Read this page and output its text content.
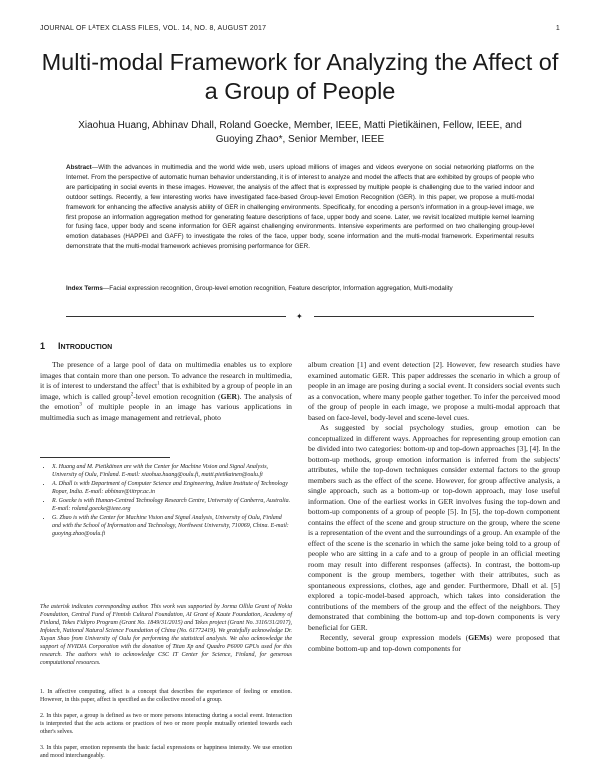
JOURNAL OF LᴬTEX CLASS FILES, VOL. 14, NO. 8, AUGUST 2017	1
Multi-modal Framework for Analyzing the Affect of a Group of People
Xiaohua Huang, Abhinav Dhall, Roland Goecke, Member, IEEE, Matti Pietikäinen, Fellow, IEEE, and Guoying Zhao*, Senior Member, IEEE
Abstract—With the advances in multimedia and the world wide web, users upload millions of images and videos everyone on social networking platforms on the Internet. From the perspective of automatic human behavior understanding, it is of interest to analyze and model the affects that are exhibited by groups of people who are participating in social events in these images. However, the analysis of the affect that is expressed by multiple people is challenging due to the varied indoor and outdoor settings. Recently, a few interesting works have investigated face-based Group-level Emotion Recognition (GER). In this paper, we propose a multi-modal framework for enhancing the affective analysis ability of GER in challenging environments. Specifically, for encoding a person's information in a group-level image, we first propose an information aggregation method for generating feature descriptions of face, upper body and scene. Later, we revisit localized multiple kernel learning for fusing face, upper body and scene information for GER against challenging environments. Intensive experiments are performed on two challenging group-level emotion databases (HAPPEI and GAFF) to investigate the roles of the face, upper body, scene information and the multi-modal framework. Experimental results demonstrate that the multi-modal framework achieves promising performance for GER.
Index Terms—Facial expression recognition, Group-level emotion recognition, Feature descriptor, Information aggregation, Multi-modality
✦
1 INTRODUCTION

The presence of a large pool of data on multimedia enables us to explore images that contain more than one person. To advance the research in multimedia, it is of interest to understand the affect$^1$ that is exhibited by a group of people in an image, which is called group$^2$-level emotion recognition (GER). The analysis of the emotion$^3$ of multiple people in an image has various applications in multimedia such as image management and retrieval, photo

• X. Huang and M. Pietikäinen are with the Center for Machine Vision and Signal Analysis, University of Oulu, Finland. E-mail: xiaohua.huang@oulu.fi, matti.pietikainen@oulu.fi
• A. Dhall is with Department of Computer Science and Engineering, Indian Institute of Technology Ropar, India. E-mail: abhinav@iitrpr.ac.in
• R. Goecke is with Human-Centred Technology Research Centre, University of Canberra, Australia. E-mail: roland.goecke@ieee.org
• G. Zhao is with the Center for Machine Vision and Signal Analysis, University of Oulu, Finland and with the School of Information and Technology, Northwest University, 710069, China. E-mail: guoying.zhao@oulu.fi
The asterisk indicates corresponding author. This work was supported by Jorma Ollila Grant of Nokia Foundation, Central Fund of Finnish Cultural Foundation, AI Grant of Kaute Foundation, Academy of Finland, Tekes Fidipro Program (Grant No. 1849/31/2015) and Tekes project (Grant No. 3116/31/2017), Infotech, National Natural Science Foundation of China (No. 61772419). We gratefully acknowledge Dr. Xuyan Shao from University of Oulu for performing the statistical analysis. We also acknowledge the support of NVIDIA Corporation with the donation of Titan Xp and Quadro P6000 GPUs used for this research. The authors wish to acknowledge CSC IT Center for Science, Finland, for generous computational resources.
1. In affective computing, affect is a concept that describes the experience of feeling or emotion. However, in this paper, affect is specified as the collective mood of a group.
2. In this paper, a group is defined as two or more persons interacting during a social event. Interaction is interpreted that the acts actions or practices of two or more people mutually oriented towards each other's selves.
3. In this paper, emotion represents the basic facial expressions or happiness intensity. We use emotion and mood interchangeably.

album creation [1] and event detection [2]. However, few research studies have examined automatic GER. This paper addresses the scenario in which a group of people in an image are posing during a social event. It considers social events such as a convocation, where many people gather together. To infer the perceived mood of the group of people in each image, we propose a multi-modal approach that based on face-level, body-level and scene-level cues.

As suggested by social psychology studies, group emotion can be conceptualized in different ways. Approaches for representing group emotion can be divided into two categories: bottom-up and top-down approaches [3], [4]. In the bottom-up methods, group emotion information is inferred from the subjects' attributes, while the top-down techniques consider external factors to the group members such as the effect of the scene. However, for group affective analysis, a single approach, such as a bottom-up or top-down approach, may lose useful information. One of the earliest works in GER involves fusing the top-down and bottom-up components of a group of people [5]. In [5], the top-down component contains the effect of the scene and group structure on the group, where the scene is a representation of the event and the surroundings of a group. An example of the effect of the scene is the scenario in which the same joke being told to a group of people who are sitting in a cafe and to a group of people in an official meeting room may result into different responses (affects). In contrast, the bottom-up component is the group members, together with their attributes, such as spontaneous expressions, clothes, age and gender. Furthermore, Dhall et al. [5] explored a topic-model-based approach, which takes into consideration the contributions of the members of the group and the effect of the neighbors. They demonstrated that combining the bottom-up and top-down components is very beneficial for GER.

Recently, several group expression models (GEMs) were proposed that combine bottom-up and top-down components for
